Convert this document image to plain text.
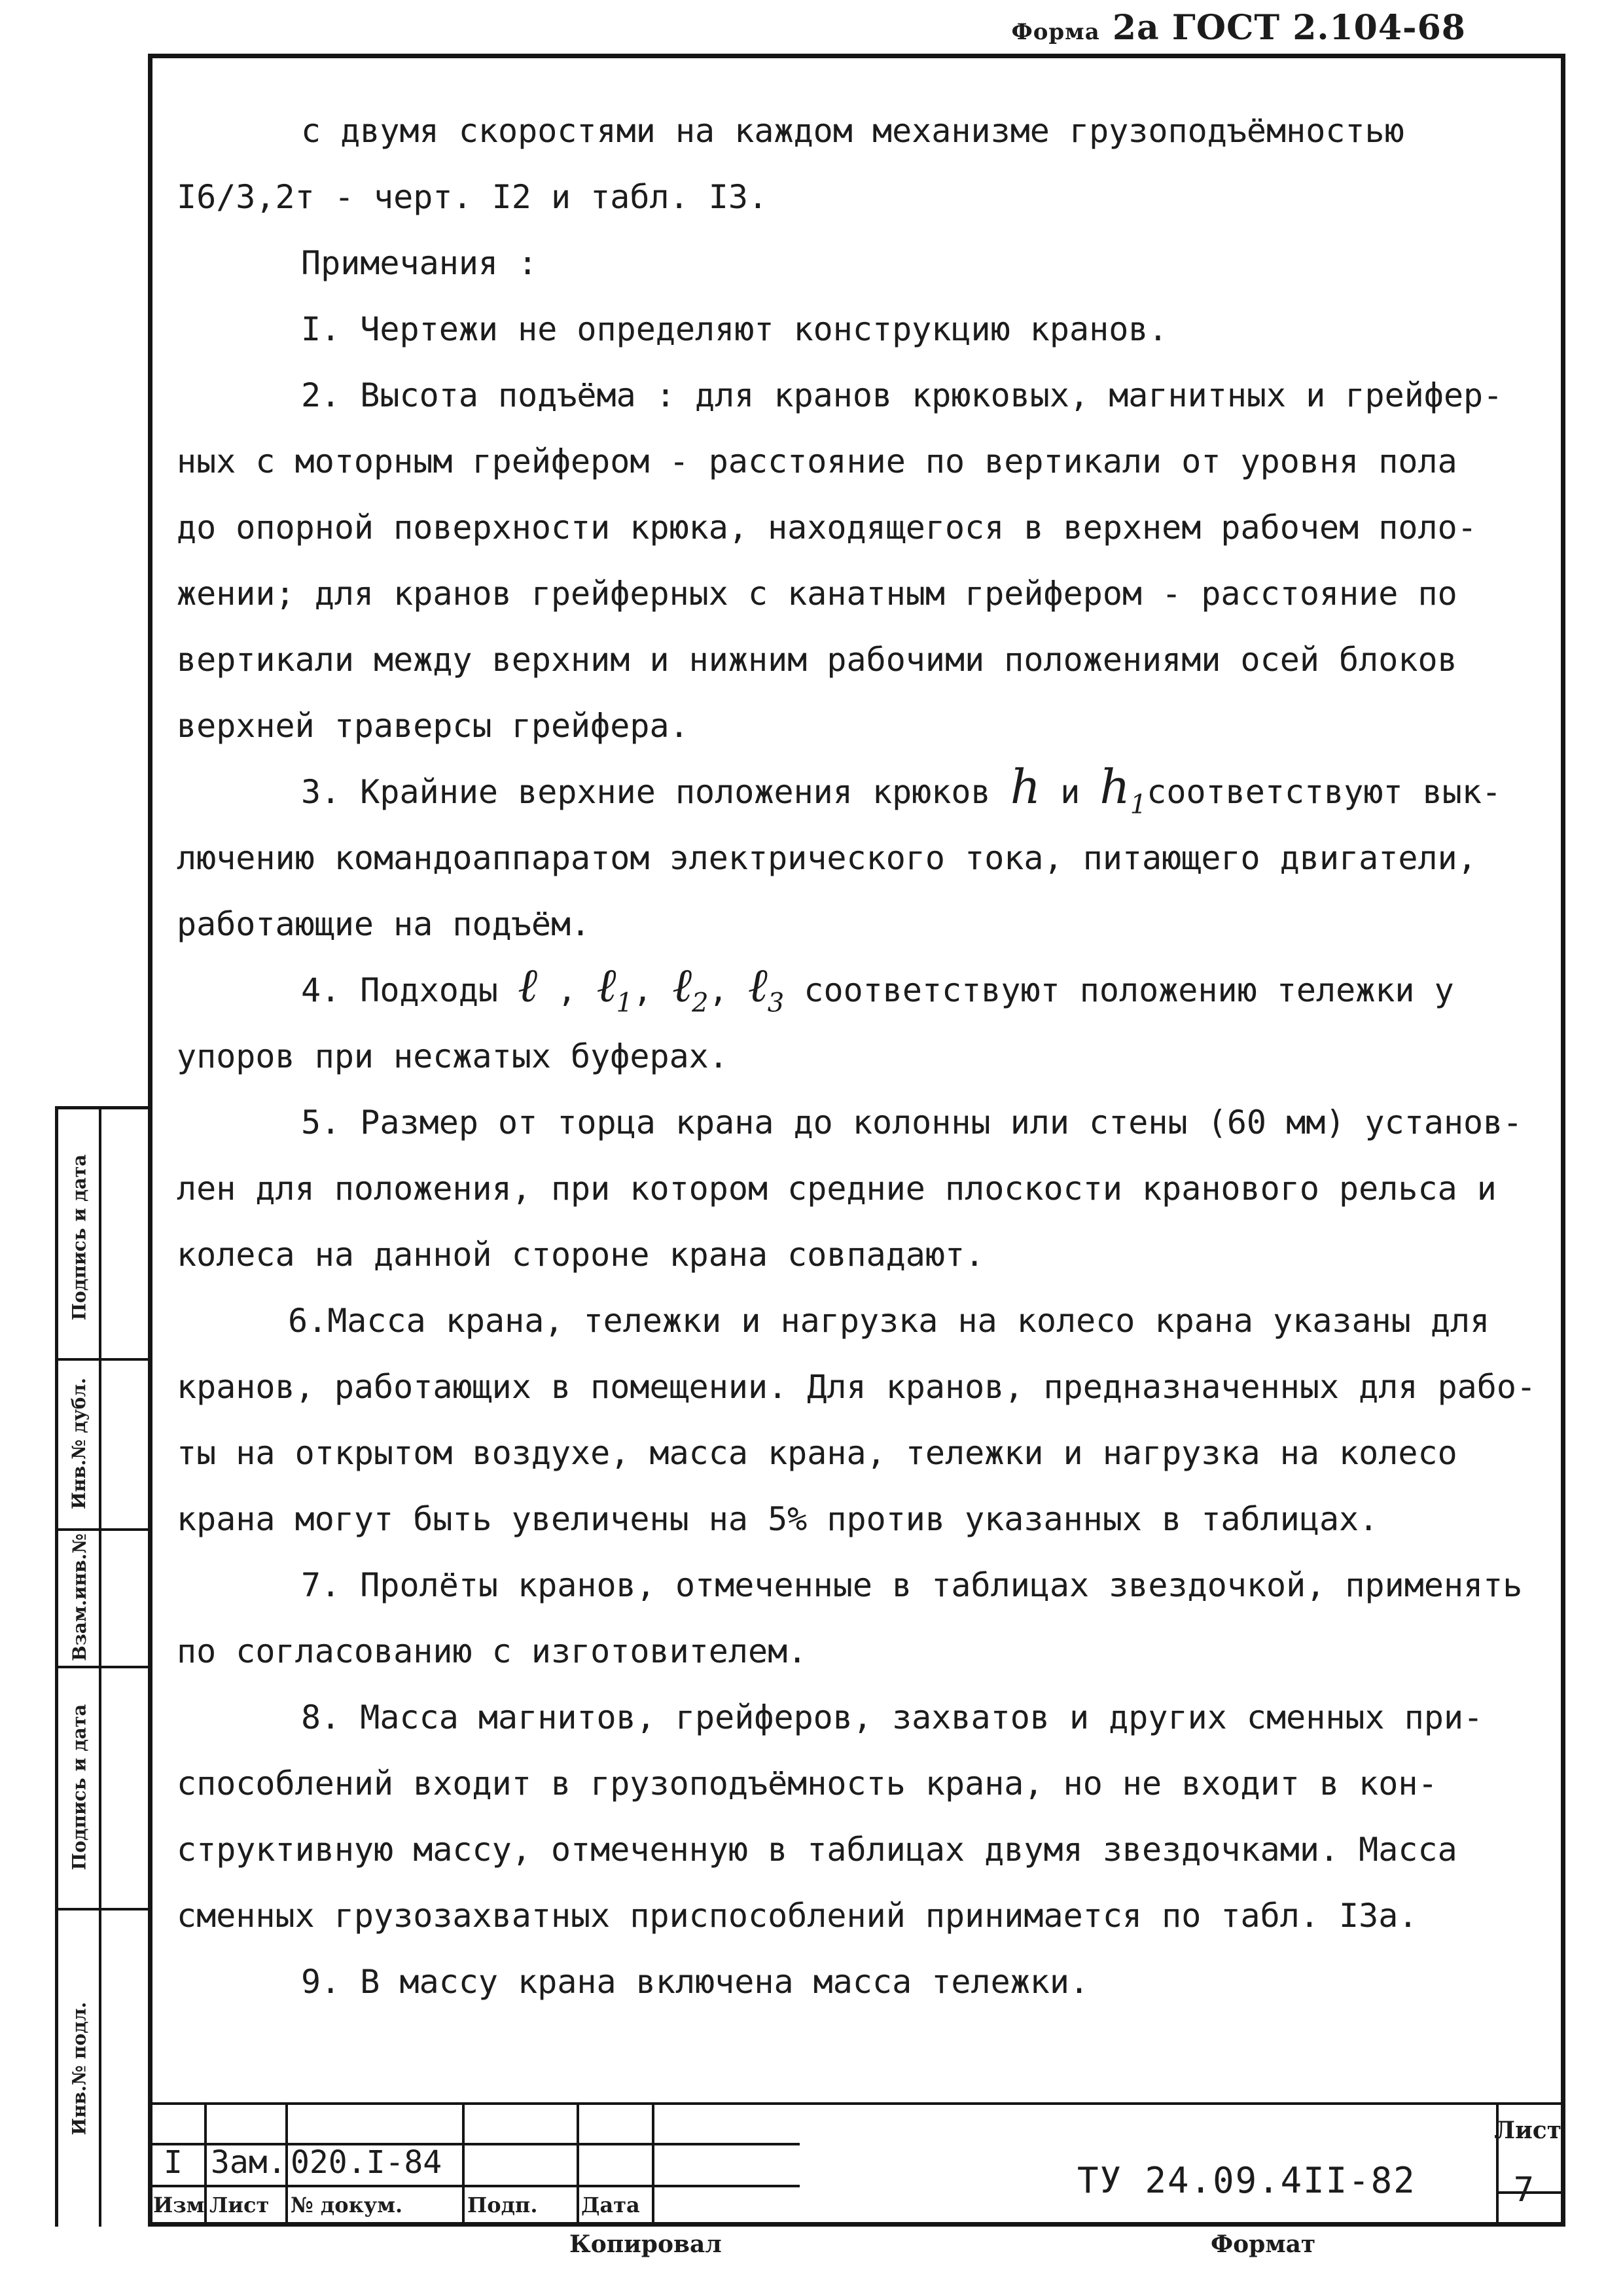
Форма 2а ГОСТ 2.104-68
с двумя скоростями на каждом механизме грузоподъёмностью
I6/3,2т - черт. I2 и табл. I3.
Примечания :
I. Чертежи не определяют конструкцию кранов.
2. Высота подъёма : для кранов крюковых, магнитных и грейфер-
ных с моторным грейфером - расстояние по вертикали от уровня пола
до опорной поверхности крюка, находящегося в верхнем рабочем поло-
жении; для кранов грейферных с канатным грейфером - расстояние по
вертикали между верхним и нижним рабочими положениями осей блоков
верхней траверсы грейфера.
3. Крайние верхние положения крюков h и $h_1соответствуют$ вык-
лючению командоаппаратом электрического тока, питающего двигатели,
работающие на подъём.
4. Подходы ℓ , ℓ$_1$, ℓ$_2$, ℓ$_3$ соответствуют положению тележки у
упоров при несжатых буферах.
5. Размер от торца крана до колонны или стены (60 мм) установ-
лен для положения, при котором средние плоскости кранового рельса и
колеса на данной стороне крана совпадают.
6.Масса крана, тележки и нагрузка на колесо крана указаны для
кранов, работающих в помещении. Для кранов, предназначенных для рабо-
ты на открытом воздухе, масса крана, тележки и нагрузка на колесо
крана могут быть увеличены на 5% против указанных в таблицах.
7. Пролёты кранов, отмеченные в таблицах звездочкой, применять
по согласованию с изготовителем.
8. Масса магнитов, грейферов, захватов и других сменных при-
способлений входит в грузоподъёмность крана, но не входит в кон-
структивную массу, отмеченную в таблицах двумя звездочками. Масса
сменных грузозахватных приспособлений принимается по табл. I3а.
9. В массу крана включена масса тележки.
Подпись и дата
Инв.№ дубл.
Взам.инв.№
Подпись и дата
Инв.№ подл.
I Зам. 020.I-84
Изм Лист № докум.	Подп. Дата
ТУ 24.09.4II-82
Лист
7
Копировал	Формат
